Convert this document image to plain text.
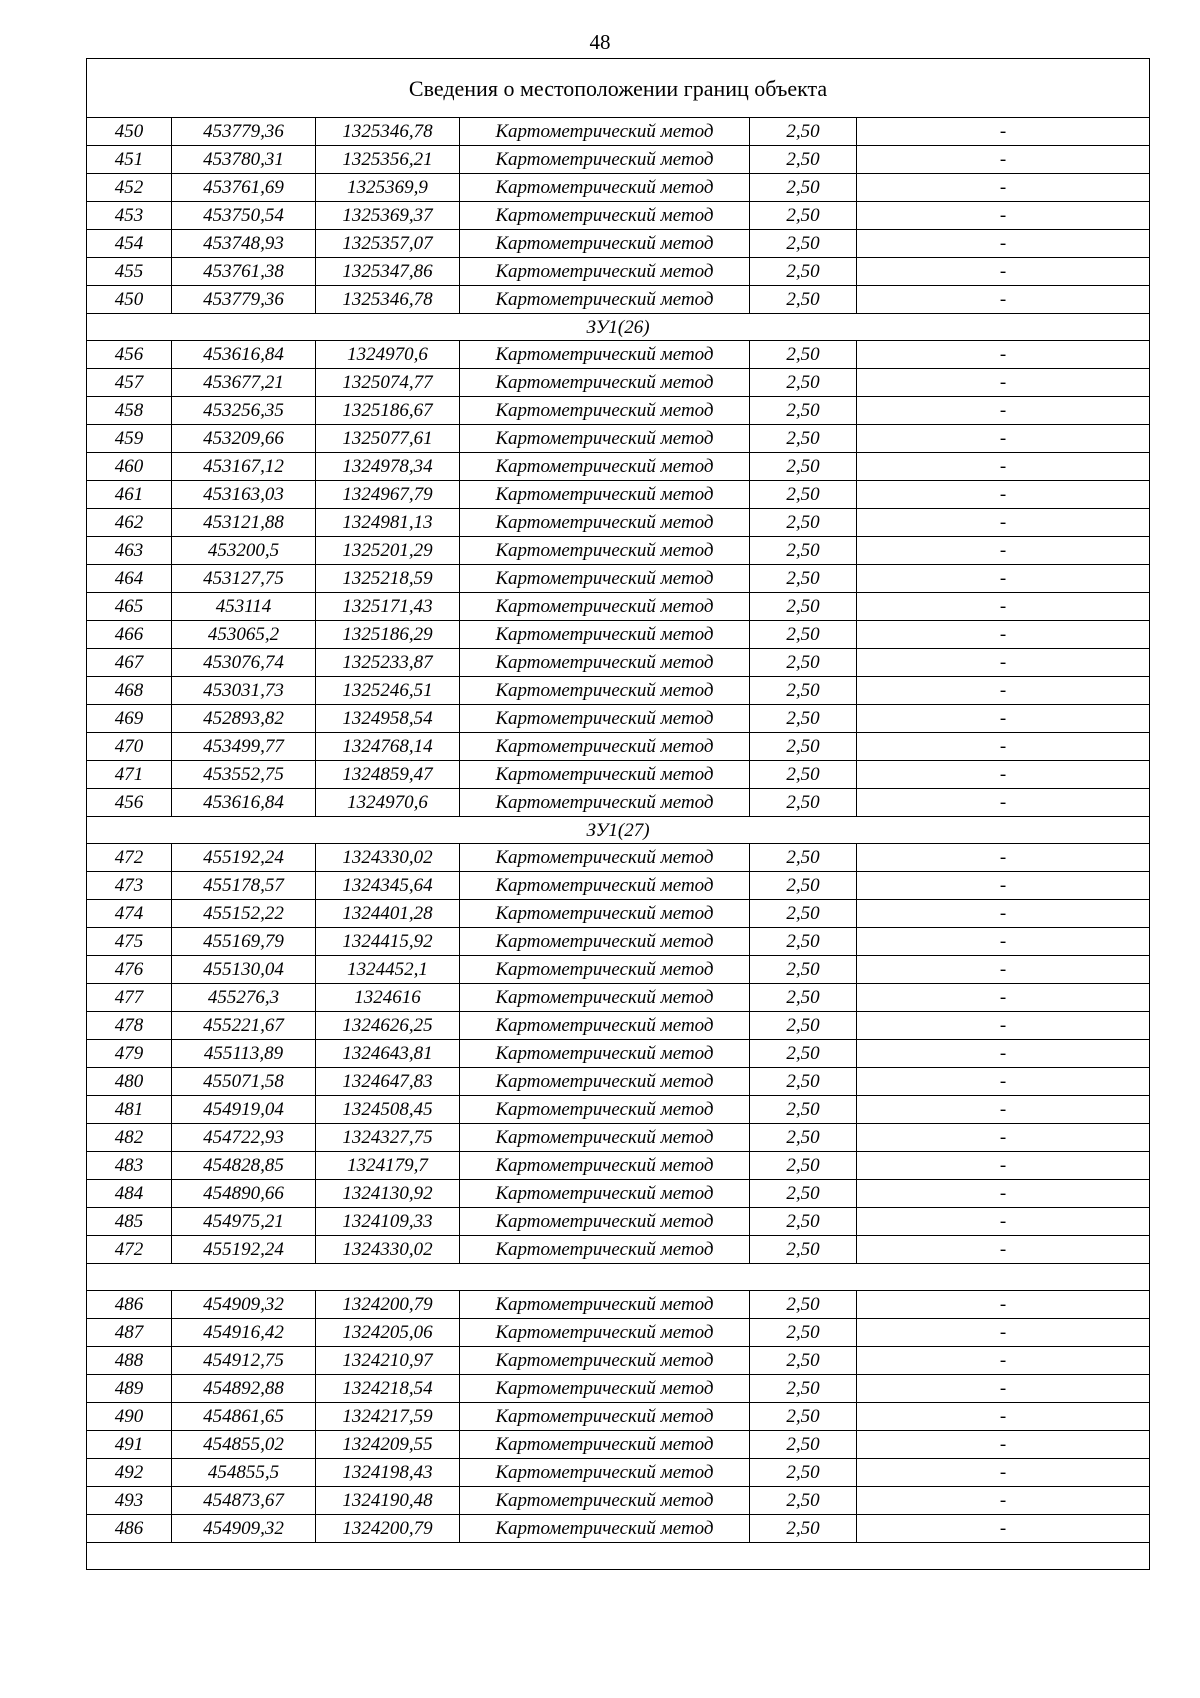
48
Сведения о местоположении границ объекта					
450	453779,36	1325346,78	Картометрический метод	2,50	-
451	453780,31	1325356,21	Картометрический метод	2,50	-
452	453761,69	1325369,9	Картометрический метод	2,50	-
453	453750,54	1325369,37	Картометрический метод	2,50	-
454	453748,93	1325357,07	Картометрический метод	2,50	-
455	453761,38	1325347,86	Картометрический метод	2,50	-
450	453779,36	1325346,78	Картометрический метод	2,50	-
ЗУ1(26)					
456	453616,84	1324970,6	Картометрический метод	2,50	-
457	453677,21	1325074,77	Картометрический метод	2,50	-
458	453256,35	1325186,67	Картометрический метод	2,50	-
459	453209,66	1325077,61	Картометрический метод	2,50	-
460	453167,12	1324978,34	Картометрический метод	2,50	-
461	453163,03	1324967,79	Картометрический метод	2,50	-
462	453121,88	1324981,13	Картометрический метод	2,50	-
463	453200,5	1325201,29	Картометрический метод	2,50	-
464	453127,75	1325218,59	Картометрический метод	2,50	-
465	453114	1325171,43	Картометрический метод	2,50	-
466	453065,2	1325186,29	Картометрический метод	2,50	-
467	453076,74	1325233,87	Картометрический метод	2,50	-
468	453031,73	1325246,51	Картометрический метод	2,50	-
469	452893,82	1324958,54	Картометрический метод	2,50	-
470	453499,77	1324768,14	Картометрический метод	2,50	-
471	453552,75	1324859,47	Картометрический метод	2,50	-
456	453616,84	1324970,6	Картометрический метод	2,50	-
ЗУ1(27)					
472	455192,24	1324330,02	Картометрический метод	2,50	-
473	455178,57	1324345,64	Картометрический метод	2,50	-
474	455152,22	1324401,28	Картометрический метод	2,50	-
475	455169,79	1324415,92	Картометрический метод	2,50	-
476	455130,04	1324452,1	Картометрический метод	2,50	-
477	455276,3	1324616	Картометрический метод	2,50	-
478	455221,67	1324626,25	Картометрический метод	2,50	-
479	455113,89	1324643,81	Картометрический метод	2,50	-
480	455071,58	1324647,83	Картометрический метод	2,50	-
481	454919,04	1324508,45	Картометрический метод	2,50	-
482	454722,93	1324327,75	Картометрический метод	2,50	-
483	454828,85	1324179,7	Картометрический метод	2,50	-
484	454890,66	1324130,92	Картометрический метод	2,50	-
485	454975,21	1324109,33	Картометрический метод	2,50	-
472	455192,24	1324330,02	Картометрический метод	2,50	-

486	454909,32	1324200,79	Картометрический метод	2,50	-
487	454916,42	1324205,06	Картометрический метод	2,50	-
488	454912,75	1324210,97	Картометрический метод	2,50	-
489	454892,88	1324218,54	Картометрический метод	2,50	-
490	454861,65	1324217,59	Картометрический метод	2,50	-
491	454855,02	1324209,55	Картометрический метод	2,50	-
492	454855,5	1324198,43	Картометрический метод	2,50	-
493	454873,67	1324190,48	Картометрический метод	2,50	-
486	454909,32	1324200,79	Картометрический метод	2,50	-
